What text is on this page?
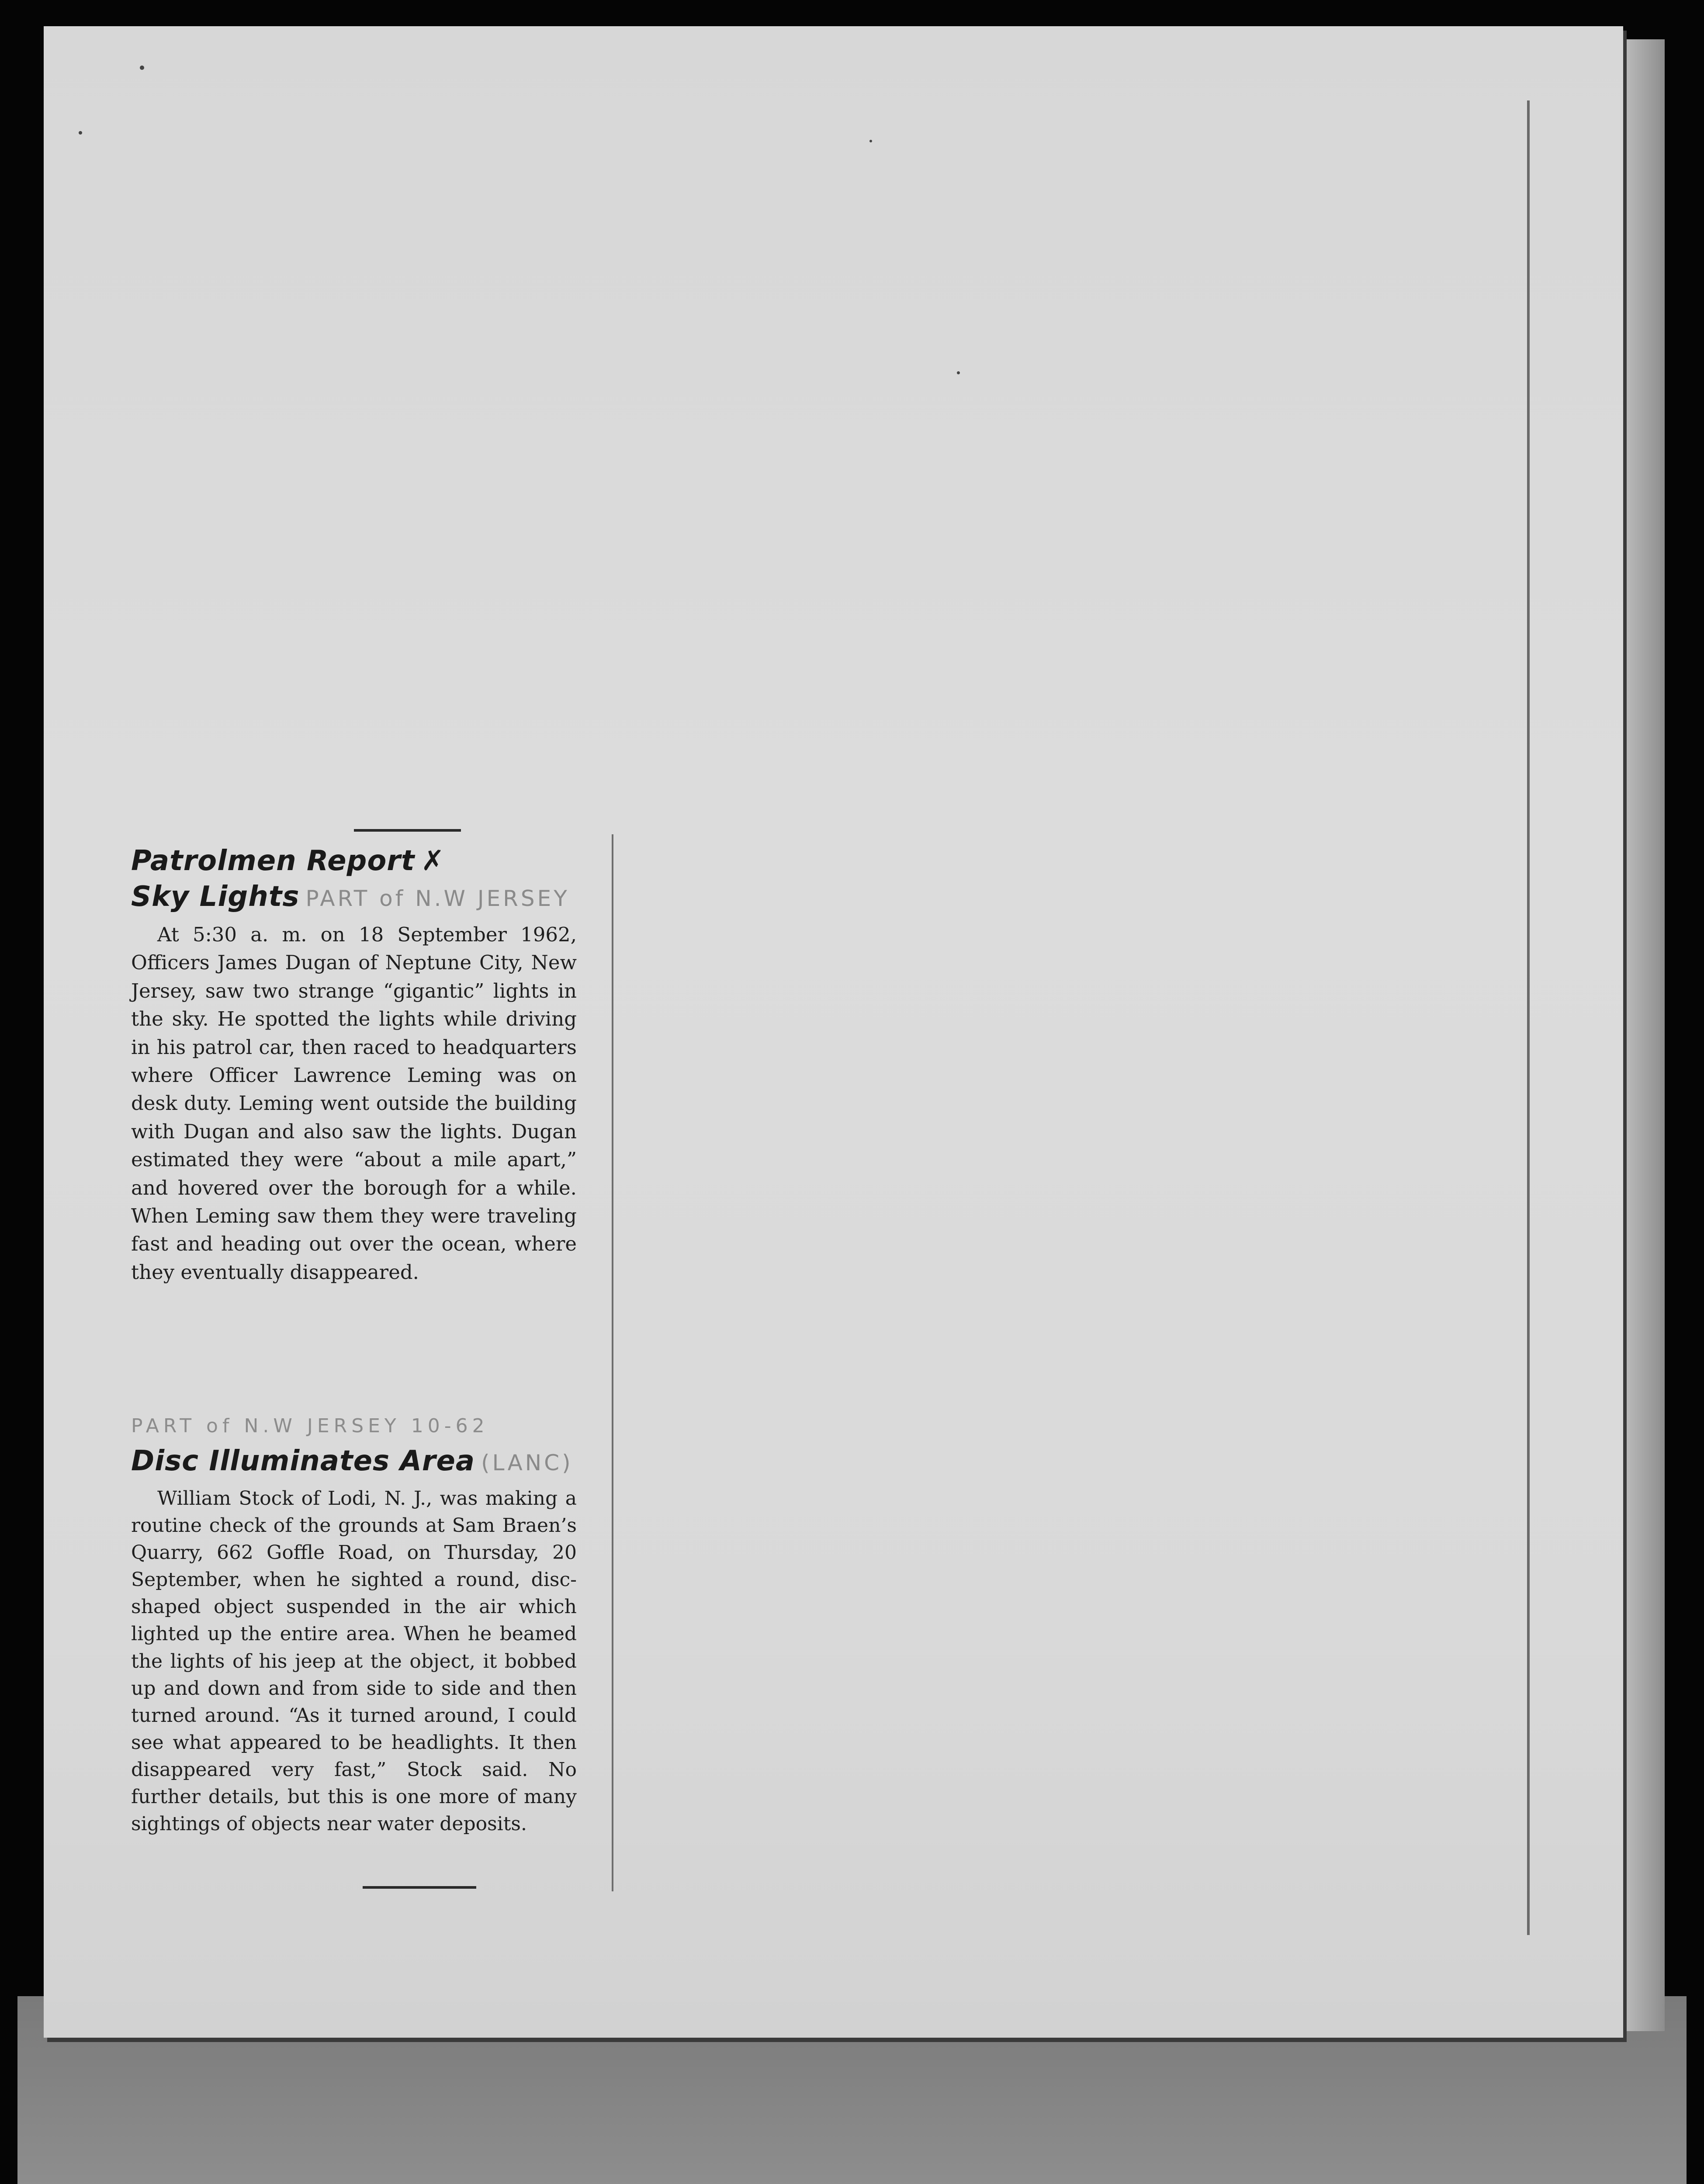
Patrolmen Report ✗
Sky Lights PART of N.W JERSEY

At 5:30 a. m. on 18 September 1962, Officers James Dugan of Neptune City, New Jersey, saw two strange “gigantic” lights in the sky. He spotted the lights while driving in his patrol car, then raced to headquarters where Officer Lawrence Leming was on desk duty. Leming went outside the building with Dugan and also saw the lights. Dugan estimated they were “about a mile apart,” and hovered over the borough for a while. When Leming saw them they were traveling fast and heading out over the ocean, where they eventually disappeared.

PART of N.W JERSEY 10-62
Disc Illuminates Area (LANC)

William Stock of Lodi, N. J., was making a routine check of the grounds at Sam Braen’s Quarry, 662 Goffle Road, on Thursday, 20 September, when he sighted a round, disc-shaped object suspended in the air which lighted up the entire area. When he beamed the lights of his jeep at the object, it bobbed up and down and from side to side and then turned around. “As it turned around, I could see what appeared to be headlights. It then disappeared very fast,” Stock said. No further details, but this is one more of many sightings of objects near water deposits.
